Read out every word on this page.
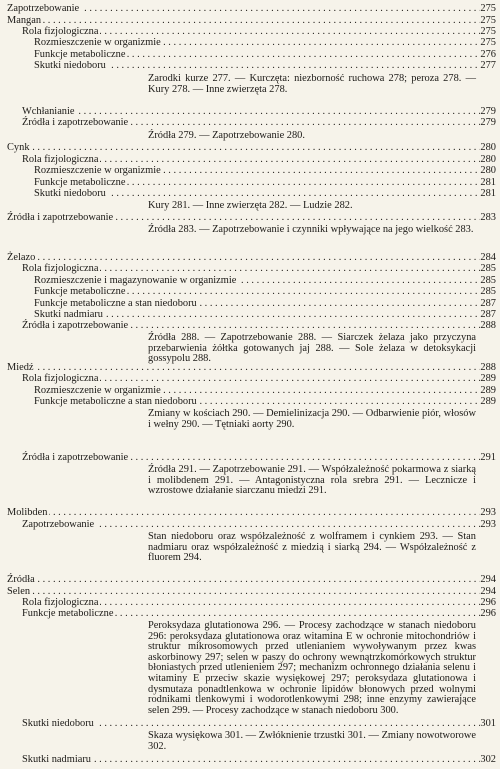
. . .
Zapotrzebowanie	275
. . .
Mangan	275
. . .
Rola fizjologiczna	275
. . .
Rozmieszczenie w organizmie	275
. . .
Funkcje metaboliczne	276
. . .
Skutki niedoboru	277
. . .
Wchłanianie	279
. . .
Źródła i zapotrzebowanie	279
. . .
Cynk	280
. . .
Rola fizjologiczna	280
. . .
Rozmieszczenie w organizmie	280
. . .
Funkcje metaboliczne	281
. . .
Skutki niedoboru	281
. . .
Źródła i zapotrzebowanie	283
. . .
Żelazo	284
. . .
Rola fizjologiczna	285
. . .
Rozmieszczenie i magazynowanie w organizmie	285
. . .
Funkcje metaboliczne	285
. . .
Funkcje metaboliczne a stan niedoboru	287
. . .
Skutki nadmiaru	287
. . .
Źródła i zapotrzebowanie	288
. . .
Miedź	288
. . .
Rola fizjologiczna	289
. . .
Rozmieszczenie w organizmie	289
. . .
Funkcje metaboliczne a stan niedoboru	289
. . .
Źródła i zapotrzebowanie	291
. . .
Molibden	293
. . .
Zapotrzebowanie	293
. . .
Źródła	294
. . .
Selen	294
. . .
Rola fizjologiczna	296
. . .
Funkcje metaboliczne	296
. . .
Skutki niedoboru	301
. . .
Skutki nadmiaru	302
Zarodki kurze 277. — Kurczęta: niezborność ruchowa 278; peroza 278. — Kury 278. — Inne zwierzęta 278.
Źródła 279. — Zapotrzebowanie 280.
Kury 281. — Inne zwierzęta 282. — Ludzie 282.
Źródła 283. — Zapotrzebowanie i czynniki wpływające na jego wielkość 283.
Źródła 288. — Zapotrzebowanie 288. — Siarczek żelaza jako przyczyna przebarwienia żółtka gotowanych jaj 288. — Sole żelaza w detoksykacji gossypolu 288.
Zmiany w kościach 290. — Demielinizacja 290. — Odbarwienie piór, włosów i wełny 290. — Tętniaki aorty 290.
Źródła 291. — Zapotrzebowanie 291. — Współzależność pokarmowa z siarką i molibdenem 291. — Antagonistyczna rola srebra 291. — Lecznicze i wzrostowe działanie siarczanu miedzi 291.
Stan niedoboru oraz współzależność z wolframem i cynkiem 293. — Stan nadmiaru oraz współzależność z miedzią i siarką 294. — Współzależność z fluorem 294.
Peroksydaza glutationowa 296. — Procesy zachodzące w stanach niedoboru 296: peroksydaza glutationowa oraz witamina E w ochronie mitochondriów i struktur mikrosomowych przed utlenianiem wywoływanym przez kwas askorbinowy 297; selen w paszy do ochrony wewnątrzkomórkowych struktur błoniastych przed utlenieniem 297; mechanizm ochronnego działania selenu i witaminy E przeciw skazie wysiękowej 297; peroksydaza glutationowa i dysmutaza ponadtlenkowa w ochronie lipidów błonowych przed wolnymi rodnikami tlenkowymi i wodorotlenkowymi 298; inne enzymy zawierające selen 299. — Procesy zachodzące w stanach niedoboru 300.
Skaza wysiękowa 301. — Zwłóknienie trzustki 301. — Zmiany nowotworowe 302.
